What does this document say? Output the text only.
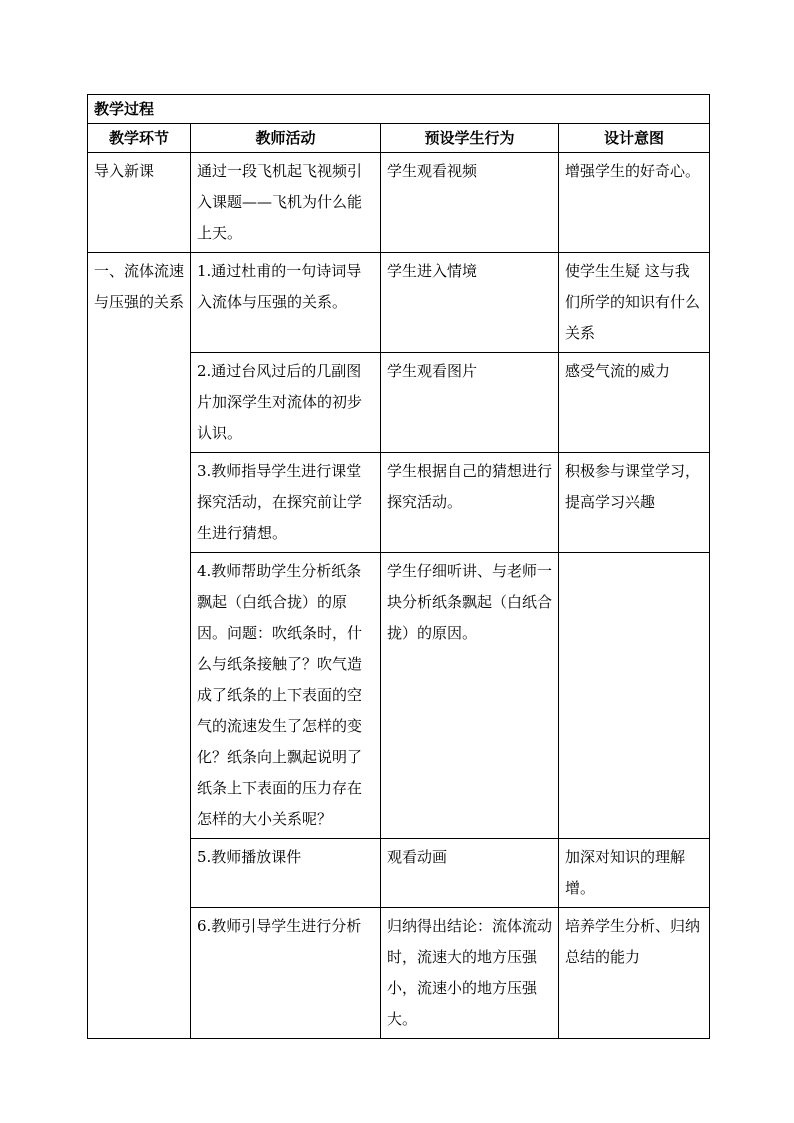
教学过程			
教学环节	教师活动	预设学生行为	设计意图
导入新课	通过一段飞机起飞视频引入课题——飞机为什么能上天。	学生观看视频	增强学生的好奇心。
一、流体流速与压强的关系	1.通过杜甫的一句诗词导入流体与压强的关系。	学生进入情境	使学生生疑 这与我们所学的知识有什么关系
	2.通过台风过后的几副图片加深学生对流体的初步认识。	学生观看图片	感受气流的威力
	3.教师指导学生进行课堂探究活动，在探究前让学生进行猜想。	学生根据自己的猜想进行探究活动。	积极参与课堂学习，提高学习兴趣
	4.教师帮助学生分析纸条飘起（白纸合拢）的原因。问题：吹纸条时，什么与纸条接触了？吹气造成了纸条的上下表面的空气的流速发生了怎样的变化？纸条向上飘起说明了纸条上下表面的压力存在怎样的大小关系呢？	学生仔细听讲、与老师一块分析纸条飘起（白纸合拢）的原因。	
	5.教师播放课件	观看动画	加深对知识的理解增。
	6.教师引导学生进行分析	归纳得出结论：流体流动时，流速大的地方压强小，流速小的地方压强大。	培养学生分析、归纳总结的能力
